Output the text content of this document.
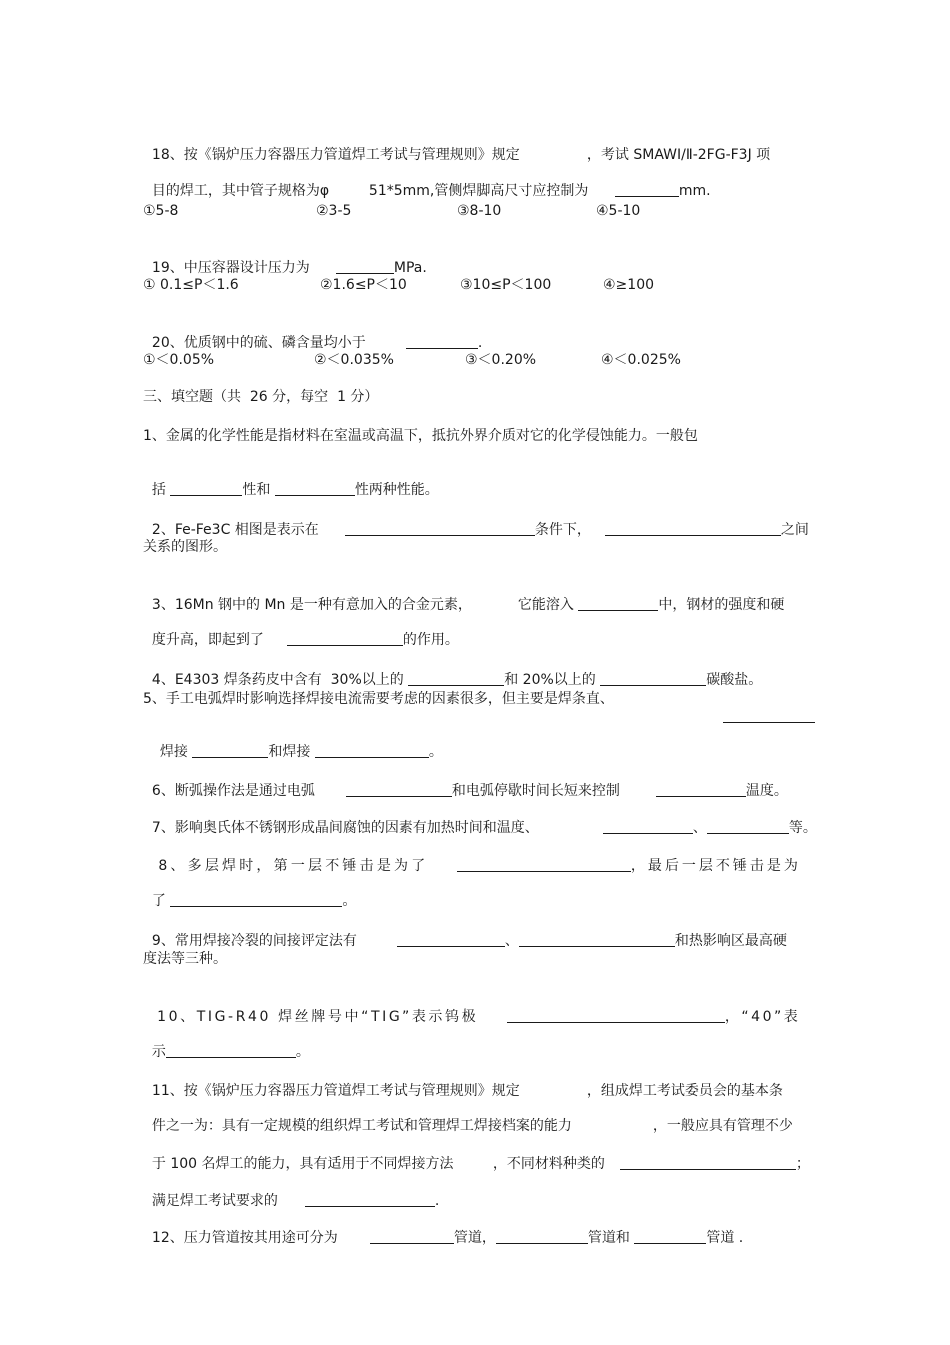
18、按《锅炉压力容器压力管道焊工考试与管理规则》规定	，考试 SMAWⅠ/Ⅱ-2FG-F3J 项

目的焊工，其中管子规格为φ	51*5mm,管侧焊脚高尺寸应控制为	mm.

①5-8	②3-5	③8-10	④5-10

19、中压容器设计压力为	MPa.

① 0.1≤P＜1.6	②1.6≤P＜10	③10≤P＜100	④≥100

20、优质钢中的硫、磷含量均小于	.

①＜0.05%	②＜0.035%	③＜0.20%	④＜0.025%
三、填空题（共  26 分，每空  1 分）
1、金属的化学性能是指材料在室温或高温下，抵抗外界介质对它的化学侵蚀能力。一般包

括	性和	性两种性能。

2、Fe-Fe3C 相图是表示在	条件下，	之间

关系的图形。

3、16Mn 钢中的 Mn 是一种有意加入的合金元素，	它能溶入	中，钢材的强度和硬

度升高，即起到了	的作用。

4、E4303 焊条药皮中含有  30%以上的	和 20%以上的	碳酸盐。

5、手工电弧焊时影响选择焊接电流需要考虑的因素很多，但主要是焊条直、

焊接	和焊接	。

6、断弧操作法是通过电弧	和电弧停歇时间长短来控制	温度。

7、影响奥氏体不锈钢形成晶间腐蚀的因素有加热时间和温度、	、	等。

8、多层焊时，第一层不锤击是为了	，最后一层不锤击是为

了	。

9、常用焊接冷裂的间接评定法有	、	和热影响区最高硬

度法等三种。

10、TIG-R40 焊丝牌号中“TIG”表示钨极	，“40”表

示	。

11、按《锅炉压力容器压力管道焊工考试与管理规则》规定	，组成焊工考试委员会的基本条

件之一为：具有一定规模的组织焊工考试和管理焊工焊接档案的能力	，一般应具有管理不少

于 100 名焊工的能力，具有适用于不同焊接方法	，不同材料种类的	；

满足焊工考试要求的	.

12、压力管道按其用途可分为	管道，	管道和	管道 .
